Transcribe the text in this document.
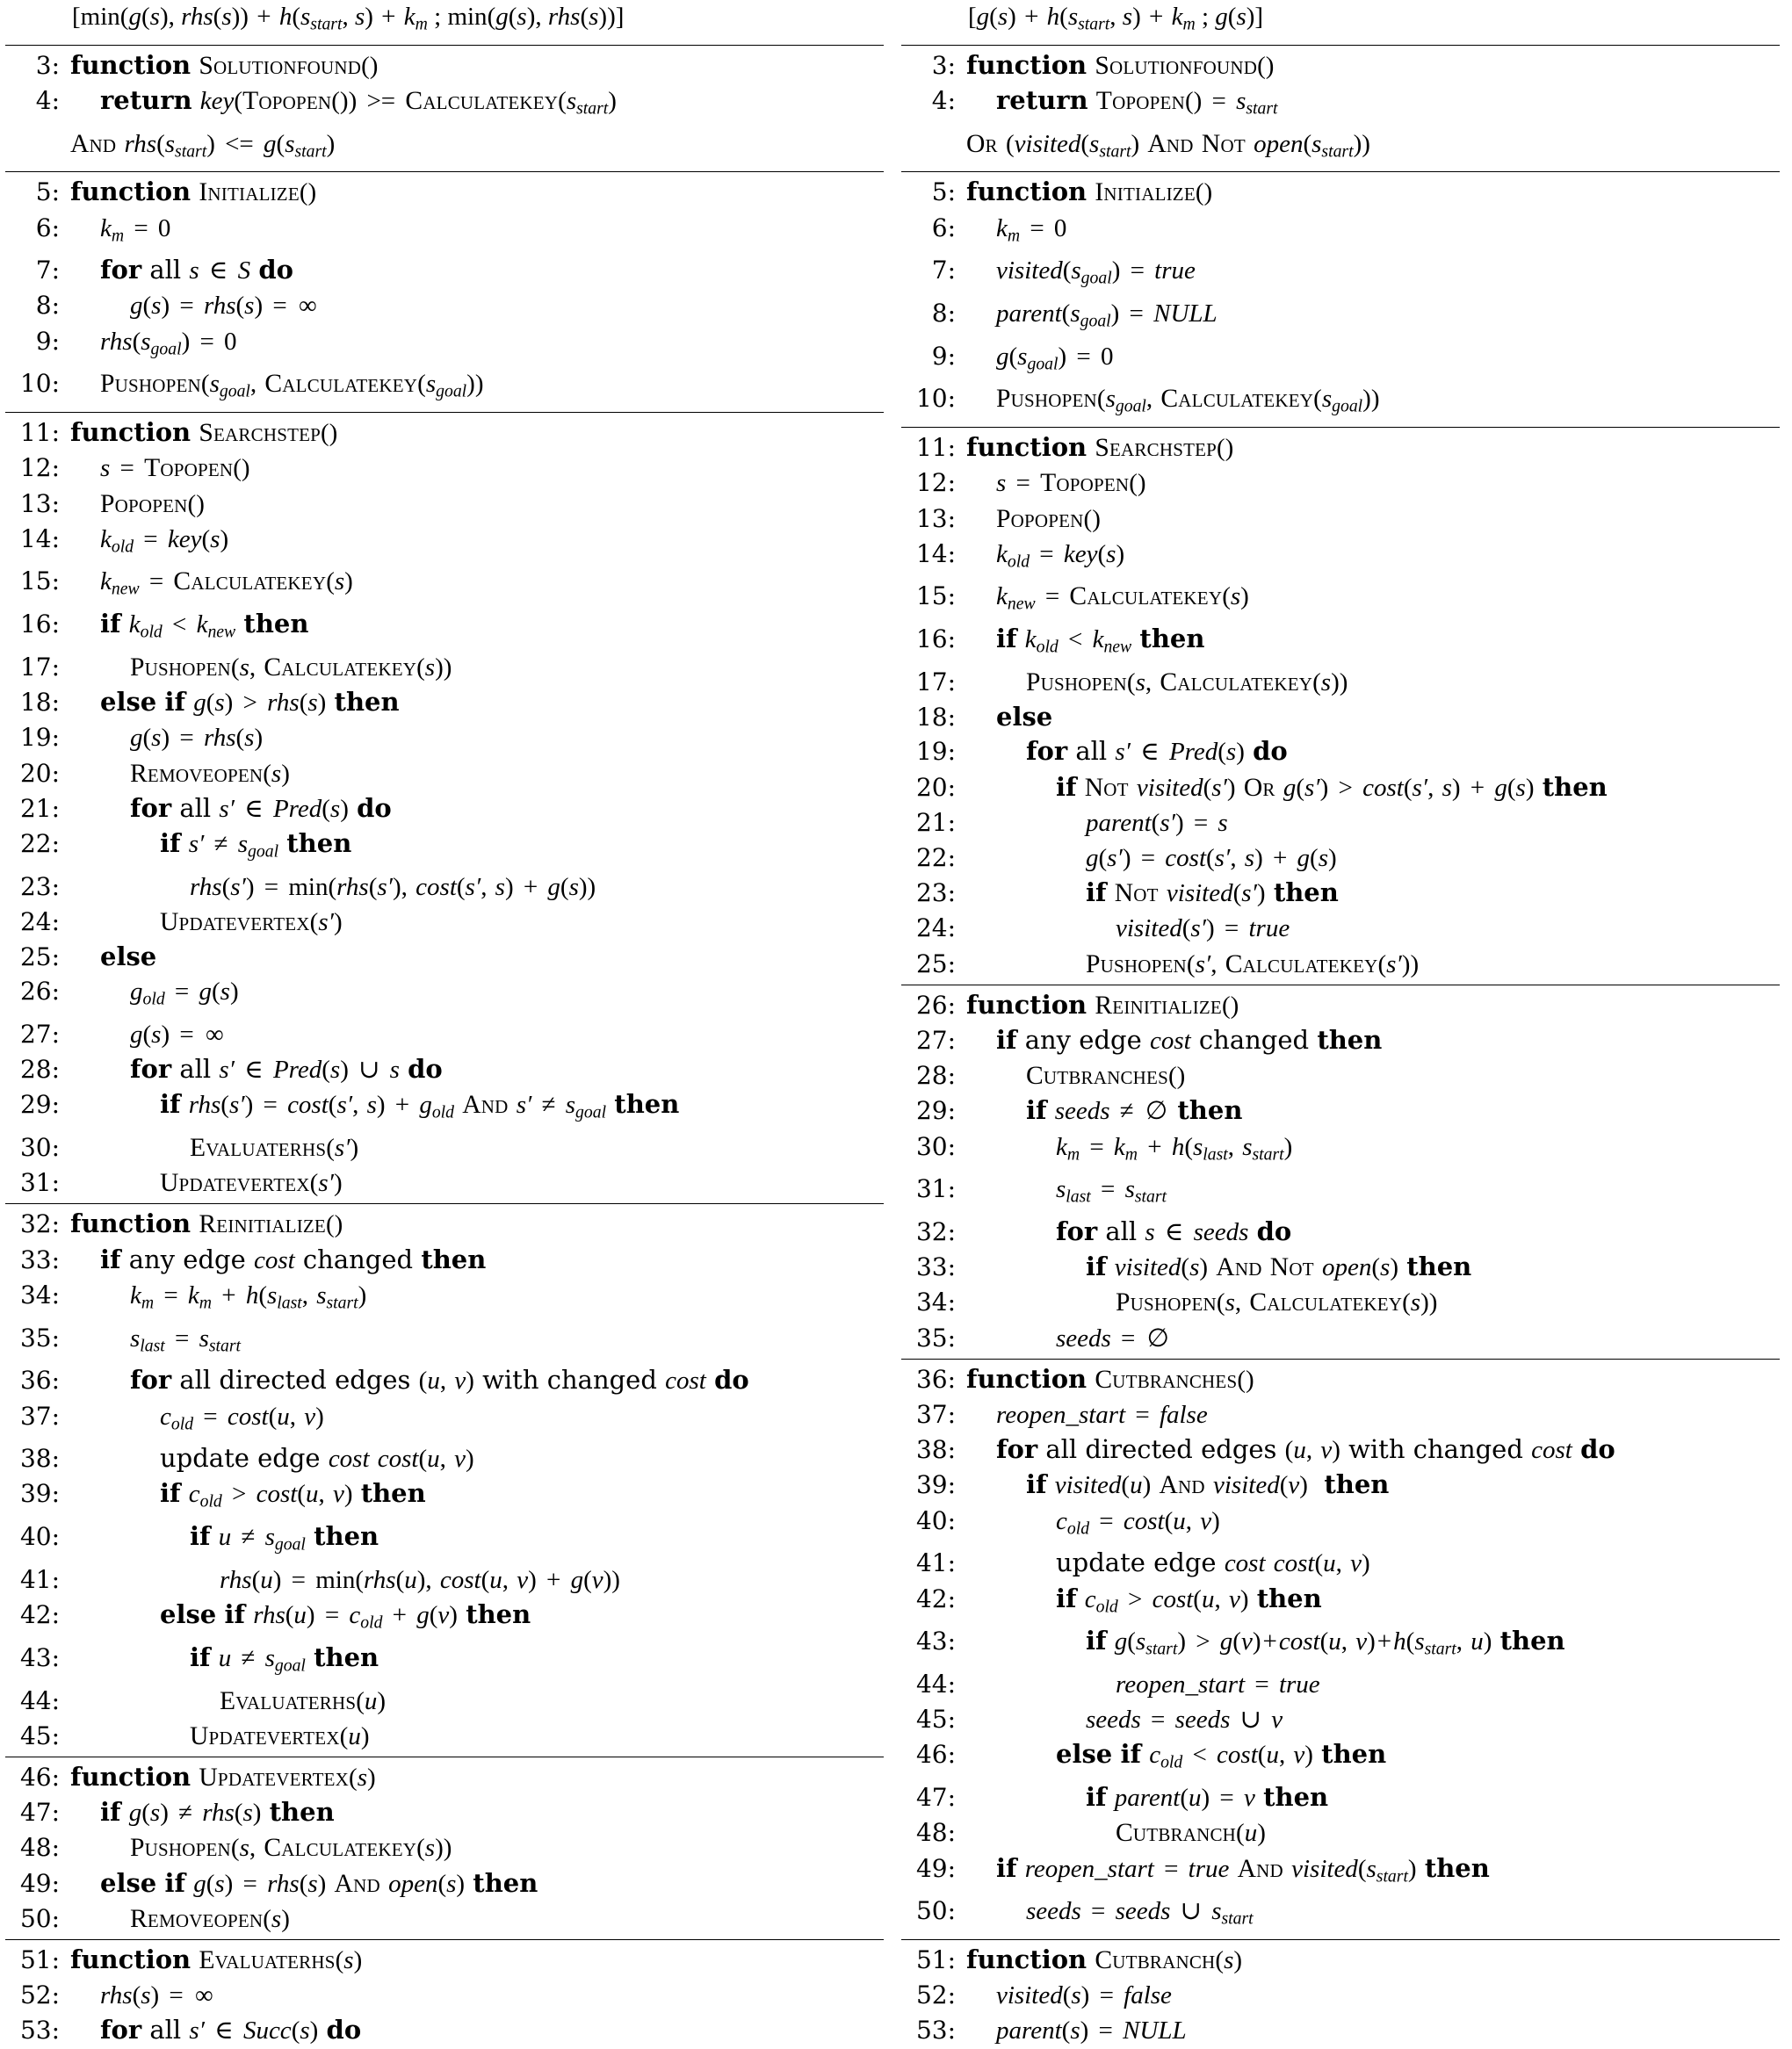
[min(g(s), $rhs(s)) + h(s_{start}$, $s) + k_m$ ; min(g(s), rhs(s))]
3: function Solutionfound()
4:	return key(Topopen()) >= $Calculatekey(s_{start})$
And $rhs(s_{start}) <= g(s_{start})$
5: function Initialize()
6:	$k_m = 0$
7:	for all s ∈ S do
8:	g(s) = rhs(s) = ∞
9:	$rhs(s_{goal}) = 0$
10:	$Pushopen(s_{goal}$, $Calculatekey(s_{goal})$)
11: function Searchstep()
12:	s = Topopen()
13:	Popopen()
14:	$k_{old} = key(s)$
15:	$k_{new}$ = Calculatekey(s)
16:	if $k_{old} < k_{new}$ then
17:	Pushopen(s, Calculatekey(s))
18:	else if g(s) > rhs(s) then
19:	g(s) = rhs(s)
20:	Removeopen(s)
21:	for all s′ ∈ Pred(s) do
22:	if $s' \ne s_{goal}$ then
23:	rhs(s′) = min(rhs(s′), cost(s′, s) + g(s))
24:	Updatevertex(s′)
25:	else
26:	$g_{old} = g(s)$
27:	g(s) = ∞
28:	for all s′ ∈ Pred(s) ∪ s do
29:	if rhs(s′) = cost(s′, $s) + g_{old}$ And $s' \ne s_{goal}$ then
30:	Evaluaterhs(s′)
31:	Updatevertex(s′)
32: function Reinitialize()
33:	if any edge cost changed then
34:	$k_m = k_m + h(s_{last}$, $s_{start}$)
35:	$s_{last} = s_{start}$
36:	for all directed edges (u, v) with changed cost do
37:	$c_{old} = \cos t(u$, v)
38:	update edge cost cost(u, v)
39:	if $c_{old} > \cos t(u$, v) then
40:	if $u \ne s_{goal}$ then
41:	rhs(u) = min(rhs(u), cost(u, v) + g(v))
42:	else if $rhs(u) = c_{old} + g(v)$ then
43:	if $u \ne s_{goal}$ then
44:	Evaluaterhs(u)
45:	Updatevertex(u)
46: function Updatevertex(s)
47:	if g(s) ≠ rhs(s) then
48:	Pushopen(s, Calculatekey(s))
49:	else if g(s) = rhs(s) And open(s) then
50:	Removeopen(s)
51: function Evaluaterhs(s)
52:	rhs(s) = ∞
53:	for all s′ ∈ Succ(s) do
[$g(s) + h(s_{start}$, $s) + k_m$ ; g(s)]
3: function Solutionfound()
4:	return Topopen() = $s_{start}$
Or ($visited(s_{start})$ And Not $open(s_{start})$)
5: function Initialize()
6:	$k_m = 0$
7:	$visited(s_{goal})$ = true
8:	$parent(s_{goal})$ = NULL
9:	$g(s_{goal}) = 0$
10:	$Pushopen(s_{goal}$, $Calculatekey(s_{goal})$)
11: function Searchstep()
12:	s = Topopen()
13:	Popopen()
14:	$k_{old} = key(s)$
15:	$k_{new}$ = Calculatekey(s)
16:	if $k_{old} < k_{new}$ then
17:	Pushopen(s, Calculatekey(s))
18:	else
19:	for all s′ ∈ Pred(s) do
20:	if Not visited(s′) Or g(s′) > cost(s′, s) + g(s) then
21:	parent(s′) = s
22:	g(s′) = cost(s′, s) + g(s)
23:	if Not visited(s′) then
24:	visited(s′) = true
25:	Pushopen(s′, Calculatekey(s′))
26: function Reinitialize()
27:	if any edge cost changed then
28:	Cutbranches()
29:	if seeds ≠ ∅ then
30:	$k_m = k_m + h(s_{last}$, $s_{start}$)
31:	$s_{last} = s_{start}$
32:	for all s ∈ seeds do
33:	if visited(s) And Not open(s) then
34:	Pushopen(s, Calculatekey(s))
35:	seeds = ∅
36: function Cutbranches()
37:	reopen_start = false
38:	for all directed edges (u, v) with changed cost do
39:	if visited(u) And visited(v) then
40:	$c_{old} = \cos t(u$, v)
41:	update edge cost cost(u, v)
42:	if $c_{old} > \cos t(u$, v) then
43:	if $g(s_{start}) > g(v)+\cos t(u$, $v)+h(s_{start}$, u) then
44:	reopen_start = true
45:	seeds = seeds ∪ v
46:	else if $c_{old} < \cos t(u$, v) then
47:	if parent(u) = v then
48:	Cutbranch(u)
49:	if reopen_start = true And $visited(s_{start})$ then
50:	seeds = seeds ∪ $s_{start}$
51: function Cutbranch(s)
52:	visited(s) = false
53:	parent(s) = NULL
